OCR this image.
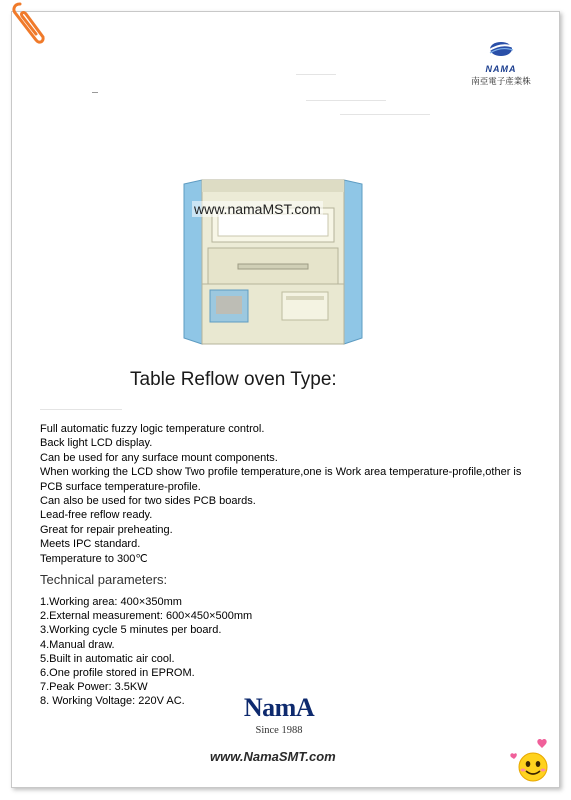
NAMA
南亞電子產業株
www.namaMST.com
Table Reflow oven Type:
Full automatic fuzzy logic temperature control.
Back light LCD display.
Can be used for any surface mount components.
When working the LCD show Two profile temperature,one is Work area temperature-profile,other is
PCB surface temperature-profile.
Can also be used for two sides PCB boards.
Lead-free reflow ready.
Great for repair preheating.
Meets IPC standard.
Temperature to 300℃
Technical parameters:
1.Working area: 400×350mm
2.External measurement: 600×450×500mm
3.Working cycle 5 minutes per board.
4.Manual draw.
5.Built in automatic air cool.
6.One profile stored in EPROM.
7.Peak Power: 3.5KW
8. Working Voltage: 220V AC.	NamA
Since 1988
www.NamaSMT.com
